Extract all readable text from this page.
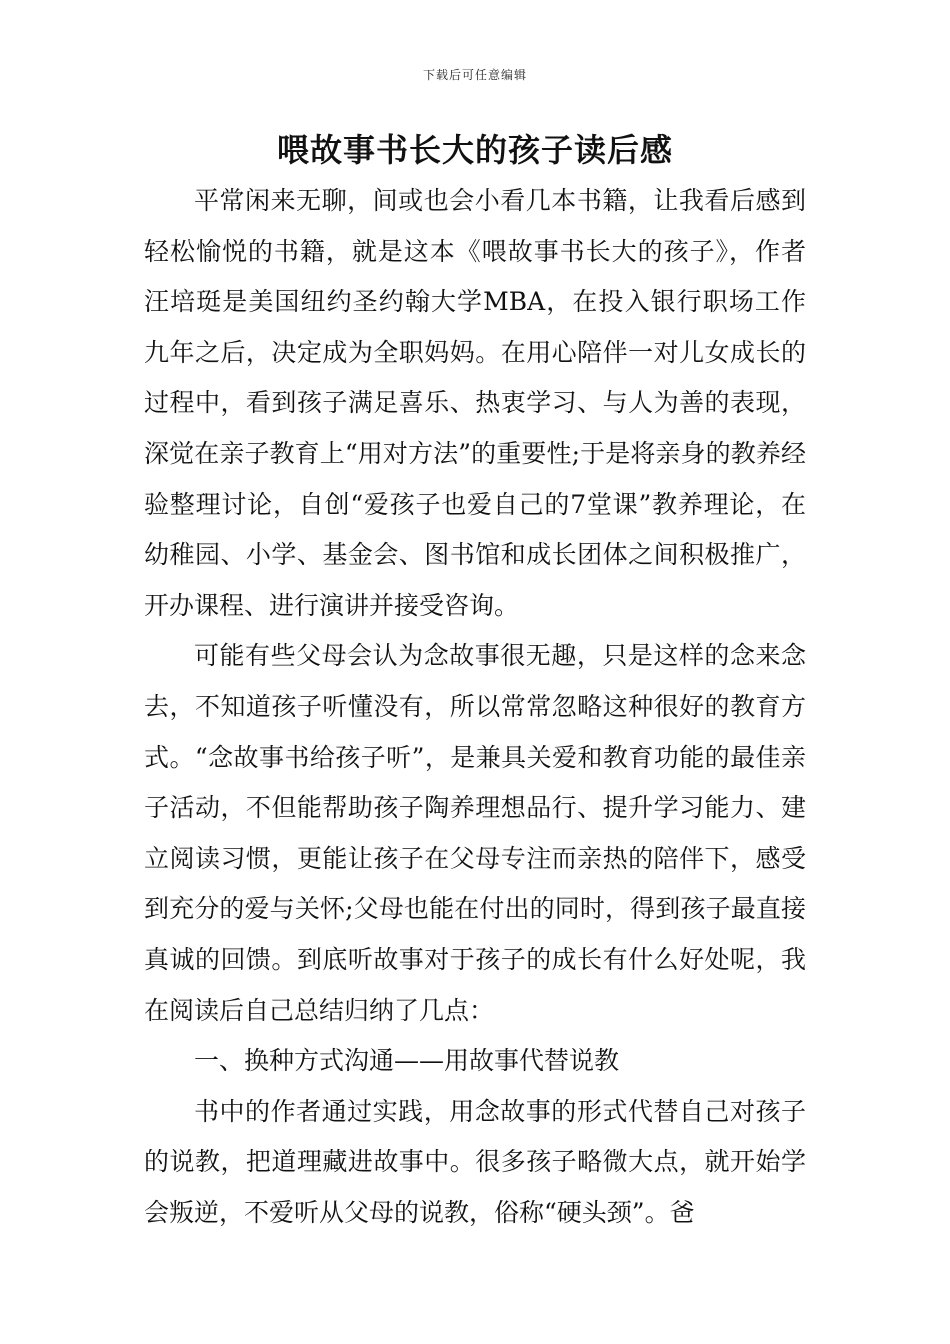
下载后可任意编辑
喂故事书长大的孩子读后感

平常闲来无聊，间或也会小看几本书籍，让我看后感到轻松愉悦的书籍，就是这本《喂故事书长大的孩子》，作者汪培珽是美国纽约圣约翰大学MBA，在投入银行职场工作九年之后，决定成为全职妈妈。在用心陪伴一对儿女成长的过程中，看到孩子满足喜乐、热衷学习、与人为善的表现，深觉在亲子教育上“用对方法”的重要性;于是将亲身的教养经验整理讨论，自创“爱孩子也爱自己的7堂课”教养理论，在幼稚园、小学、基金会、图书馆和成长团体之间积极推广，开办课程、进行演讲并接受咨询。

可能有些父母会认为念故事很无趣，只是这样的念来念去，不知道孩子听懂没有，所以常常忽略这种很好的教育方式。“念故事书给孩子听”，是兼具关爱和教育功能的最佳亲子活动，不但能帮助孩子陶养理想品行、提升学习能力、建立阅读习惯，更能让孩子在父母专注而亲热的陪伴下，感受到充分的爱与关怀;父母也能在付出的同时，得到孩子最直接真诚的回馈。到底听故事对于孩子的成长有什么好处呢，我在阅读后自己总结归纳了几点：

一、换种方式沟通——用故事代替说教

书中的作者通过实践，用念故事的形式代替自己对孩子的说教，把道理藏进故事中。很多孩子略微大点，就开始学会叛逆，不爱听从父母的说教，俗称“硬头颈”。爸
